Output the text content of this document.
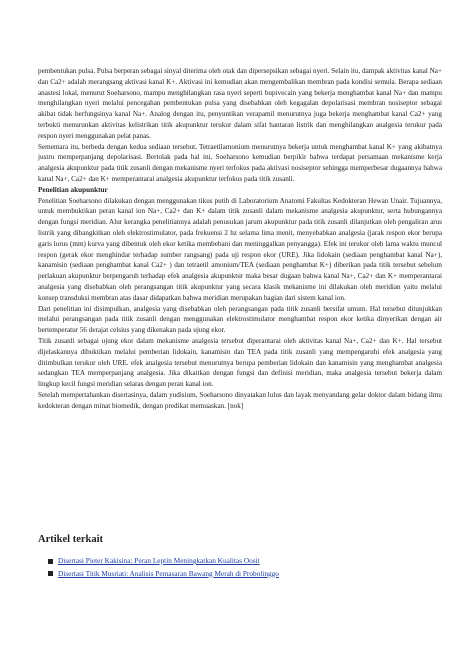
pembentukan pulsa. Pulsa berperan sebagai sinyal diterima oleh otak dan dipersepsikan sebagai nyeri. Selain itu, dampak aktivitas kanal Na+ dan Ca2+ adalah merangsang aktivasi kanal K+. Aktivasi ini kemudian akan mengembalikan membran pada kondisi semula. Berapa sediaan anastesi lokal, menurut Soeharsono, mampu menghilangkan rasa nyeri seperti bupivecain yang bekerja menghambat kanal Na+ dan mampu menghilangkan nyeri melalui pencegahan pembentukan pulsa yang disebabkan oleh kegagalan depolarisasi membran nosiseptor sebagai akibat tidak berfungsinya kanal Na+. Analog dengan itu, penyuntikan verapamil menurutnya juga bekerja menghambat kanal Ca2+ yang terbukti menurunkan aktivitas kelistrikan titik akupunktur terukur dalam sifat hantaran listrik dan menghilangkan analgesia terukur pada respon nyeri menggunakan pelat panas.

Sementara itu, berbeda dengan kedua sediaan tersebut, Tetraetilamonium menurutnya bekerja untuk menghambat kanal K+ yang akibatnya justru memperpanjang depolarisasi. Bertolak pada hal ini, Soeharsono kemudian berpikir bahwa terdapat persamaan mekanisme kerja analgesia akupunktur pada titik zusanli dengan mekanisme nyeri terfokus pada aktivasi nosiseptor sehingga memperbesar dugaannya bahwa kanal Na+, Ca2+ dan K+ memperantarai analgesia akupunktur terfokus pada titik zusanli.

Penelitian akupunktur

Penelitian Soeharsono dilakukan dengan menggunakan tikus putih di Laboratorium Anatomi Fakultas Kedokteran Hewan Unair. Tujuannya, untuk membuktikan peran kanal ion Na+, Ca2+ dan K+ dalam titik zusanli dalam mekanisme analgesia akupunktur, serta hubungannya dengan fungsi meridian. Alur kerangka penelitiannya adalah penusukan jarum akupunktur pada titik zusanli dilanjutkan oleh pengaliran arus listrik yang dibangkitkan oleh elektrostimulator, pada frekuensi 2 hz selama lima menit, menyebabkan analgesia (jarak respon ekor berupa garis lurus (mm) kurva yang dibentuk oleh ekor ketika membebani dan meninggalkan penyangga). Efek ini terukur oleh lama waktu muncul respon (gerak ekor menghindar terhadap sumber rangsang) pada uji respon ekor (URE). Jika lidokain (sediaan penghambat kanal Na+), kanamisin (sediaan penghambat kanal Ca2+ ) dan tetraetil amonium/TEA (sediaan penghambat K+) diberikan pada titik tersebut sebelum perlakuan akupunktur berpengaruh terhadap efek analgesia akupunktur maka besar dugaan bahwa kanal Na+, Ca2+ dan K+ memperantarai analgesia yang disebabkan oleh perangsangan titik akupunktur yang secara klasik mekanisme ini dilakukan oleh meridian yaitu melalui konsep transduksi membran atas dasar didapatkan bahwa meridian merupakan bagian dari sistem kanal ion.

Dari penelitian ini disimpulkan, analgesia yang disebabkan oleh perangsangan pada titik zusanli bersifat umum. Hal tersebut ditunjukkan melalui perangsangan pada titik zusanli dengan menggunakan elektrostimulator menghambat respon ekor ketika dinyerikan dengan air bertemperatur 56 derajat celsius yang dikenakan pada ujung ekor.

Titik zusanli sebagai ujung ekor dalam mekanisme analgesia tersebut diperantarai oleh aktivitas kanal Na+, Ca2+ dan K+. Hal tersebut dijelaskannya dibuktikan melalui pemberian lidokain, kanamisin dan TEA pada titik zusanli yang mempengaruhi efek analgesia yang ditimbulkan terukur oleh URE. efek analgesia tersebut menurutnya berupa pemberian lidokain dan kanamisin yang menghambat analgesia sedangkan TEA memperpanjang analgesia. Jika dikaitkan dengan fungsi dan definisi meridian, maka analgesia tersebut bekerja dalam lingkup kecil fungsi meridian selaras dengan peran kanal ion.

Setelah mempertahankan disertasinya, dalam yudisium, Soeharsono dinyatakan lulus dan layak menyandang gelar doktor dalam bidang ilmu kedokteran dengan minat biomedik, dengan predikat memuaskan. [nok]

Artikel terkait
Disertasi Pieter Kakisina: Peran Leptin Meningkatkan Kualitas Oosit
Disertasi Titik Musriati: Analisis Pemasaran Bawang Merah di Probolinggo
